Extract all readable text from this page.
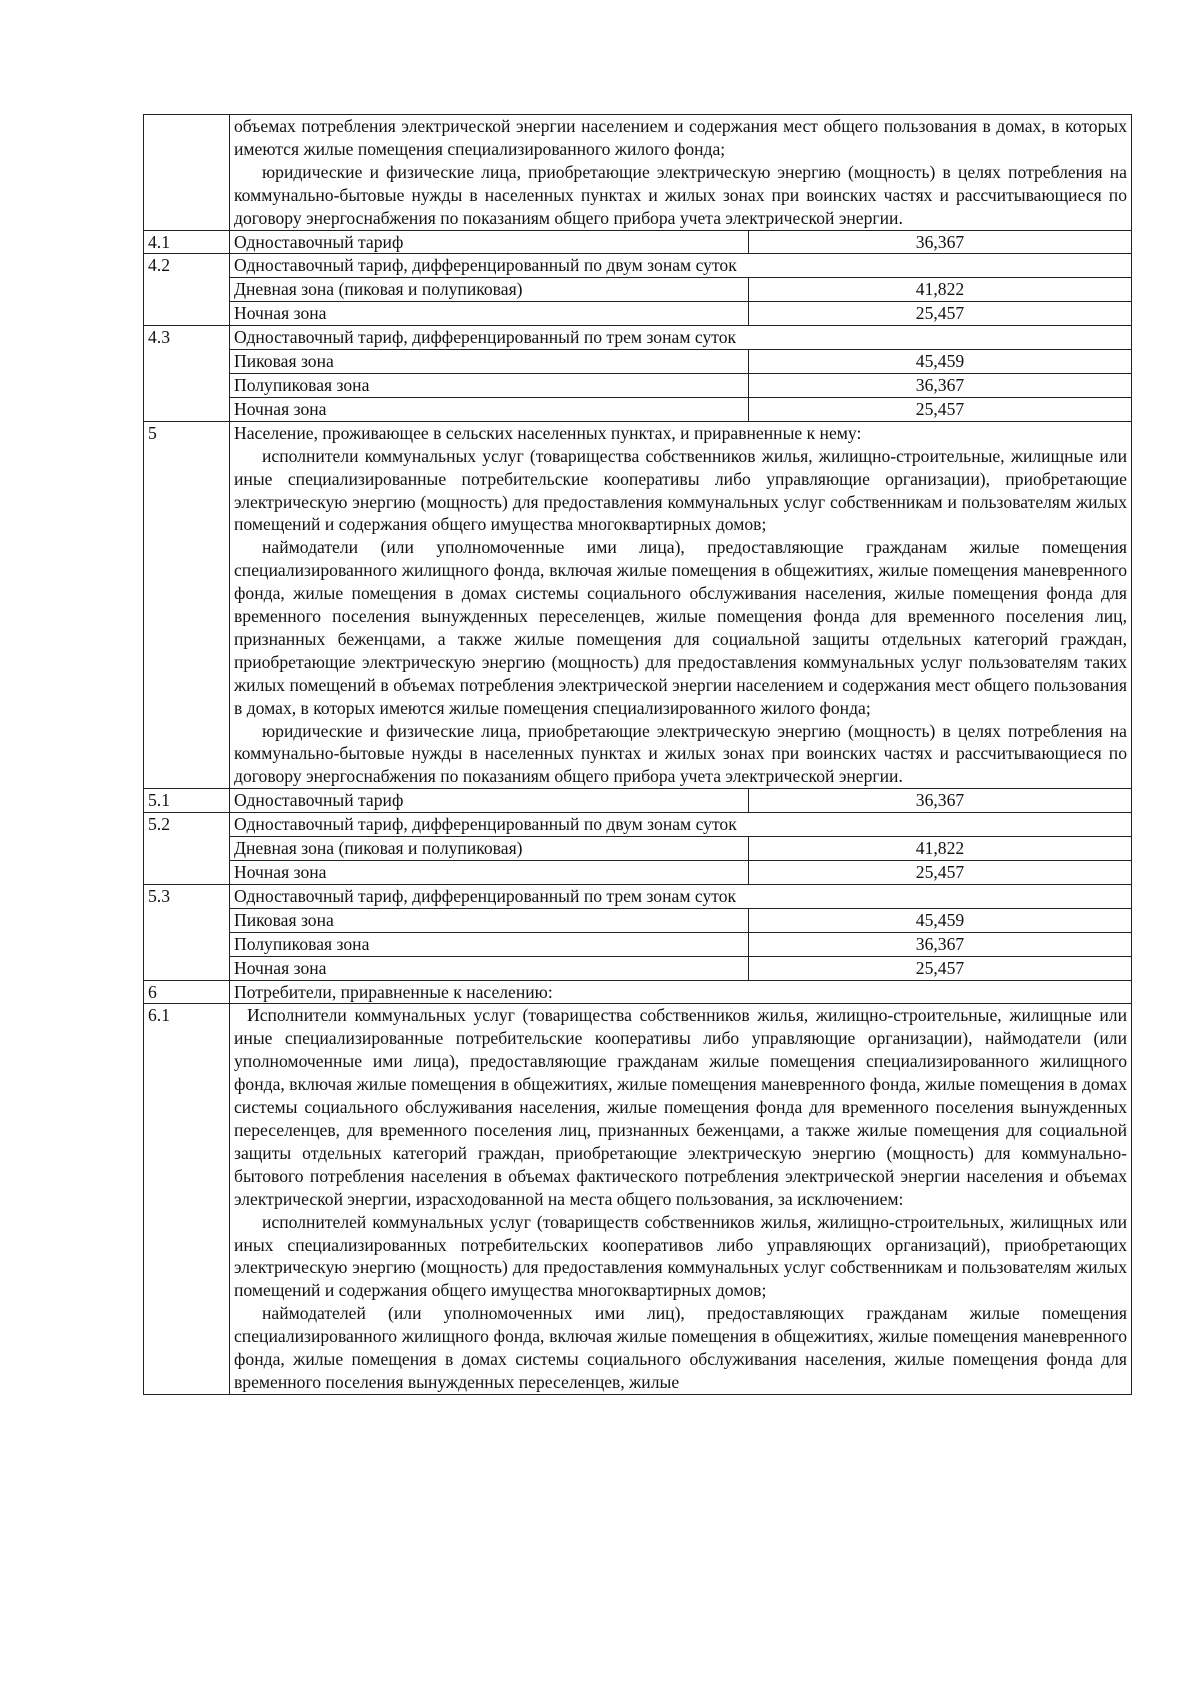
	объемах потребления электрической энергии населением и содержания мест общего пользования в домах, в которых имеются жилые помещения специализированного жилого фонда;

юридические и физические лица, приобретающие электрическую энергию (мощность) в целях потребления на коммунально-бытовые нужды в населенных пунктах и жилых зонах при воинских частях и рассчитывающиеся по договору энергоснабжения по показаниям общего прибора учета электрической энергии.	

4.1	Одноставочный тариф	36,367
4.2	Одноставочный тариф, дифференцированный по двум зонам суток	
	Дневная зона (пиковая и полупиковая)	41,822
	Ночная зона	25,457
4.3	Одноставочный тариф, дифференцированный по трем зонам суток	
	Пиковая зона	45,459
	Полупиковая зона	36,367
	Ночная зона	25,457
5	Население, проживающее в сельских населенных пунктах, и приравненные к нему:

исполнители коммунальных услуг (товарищества собственников жилья, жилищно-строительные, жилищные или иные специализированные потребительские кооперативы либо управляющие организации), приобретающие электрическую энергию (мощность) для предоставления коммунальных услуг собственникам и пользователям жилых помещений и содержания общего имущества многоквартирных домов;

наймодатели (или уполномоченные ими лица), предоставляющие гражданам жилые помещения специализированного жилищного фонда, включая жилые помещения в общежитиях, жилые помещения маневренного фонда, жилые помещения в домах системы социального обслуживания населения, жилые помещения фонда для временного поселения вынужденных переселенцев, жилые помещения фонда для временного поселения лиц, признанных беженцами, а также жилые помещения для социальной защиты отдельных категорий граждан, приобретающие электрическую энергию (мощность) для предоставления коммунальных услуг пользователям таких жилых помещений в объемах потребления электрической энергии населением и содержания мест общего пользования в домах, в которых имеются жилые помещения специализированного жилого фонда;

юридические и физические лица, приобретающие электрическую энергию (мощность) в целях потребления на коммунально-бытовые нужды в населенных пунктах и жилых зонах при воинских частях и рассчитывающиеся по договору энергоснабжения по показаниям общего прибора учета электрической энергии.	

5.1	Одноставочный тариф	36,367
5.2	Одноставочный тариф, дифференцированный по двум зонам суток	
	Дневная зона (пиковая и полупиковая)	41,822
	Ночная зона	25,457
5.3	Одноставочный тариф, дифференцированный по трем зонам суток	
	Пиковая зона	45,459
	Полупиковая зона	36,367
	Ночная зона	25,457
6	Потребители, приравненные к населению:	
6.1	Исполнители коммунальных услуг (товарищества собственников жилья, жилищно-строительные, жилищные или иные специализированные потребительские кооперативы либо управляющие организации), наймодатели (или уполномоченные ими лица), предоставляющие гражданам жилые помещения специализированного жилищного фонда, включая жилые помещения в общежитиях, жилые помещения маневренного фонда, жилые помещения в домах системы социального обслуживания населения, жилые помещения фонда для временного поселения вынужденных переселенцев, для временного поселения лиц, признанных беженцами, а также жилые помещения для социальной защиты отдельных категорий граждан, приобретающие электрическую энергию (мощность) для коммунально-бытового потребления населения в объемах фактического потребления электрической энергии населения и объемах электрической энергии, израсходованной на места общего пользования, за исключением:

исполнителей коммунальных услуг (товариществ собственников жилья, жилищно-строительных, жилищных или иных специализированных потребительских кооперативов либо управляющих организаций), приобретающих электрическую энергию (мощность) для предоставления коммунальных услуг собственникам и пользователям жилых помещений и содержания общего имущества многоквартирных домов;

наймодателей (или уполномоченных ими лиц), предоставляющих гражданам жилые помещения специализированного жилищного фонда, включая жилые помещения в общежитиях, жилые помещения маневренного фонда, жилые помещения в домах системы социального обслуживания населения, жилые помещения фонда для временного поселения вынужденных переселенцев, жилые	
